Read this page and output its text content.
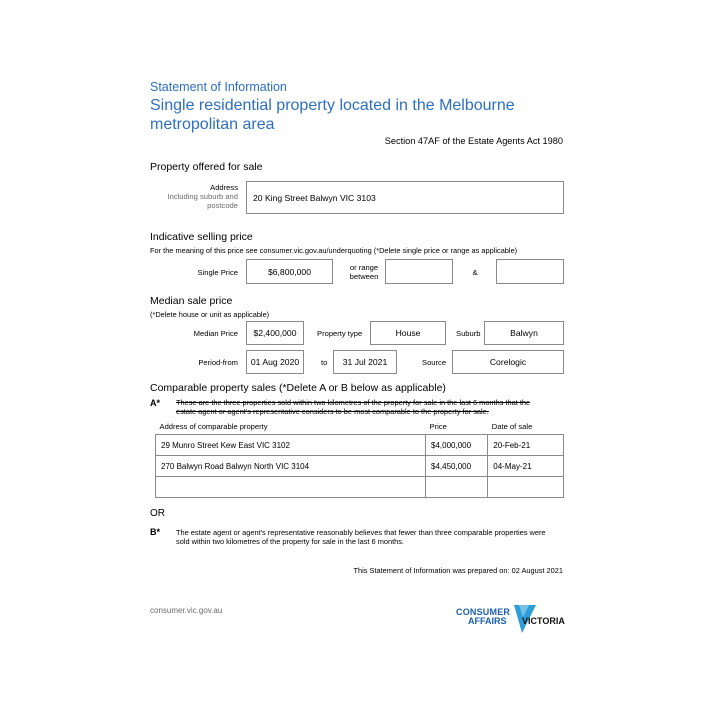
Statement of Information
Single residential property located in the Melbourne
metropolitan area
Section 47AF of the Estate Agents Act 1980
Property offered for sale
Address
Including suburb and
postcode
20 King Street Balwyn VIC 3103
Indicative selling price
For the meaning of this price see consumer.vic.gov.au/underquoting (*Delete single price or range as applicable)
Single Price	$6,800,000	or range
between	&
Median sale price
(*Delete house or unit as applicable)
Median Price $2,400,000	Property type	House	Suburb	Balwyn
Period-from 01 Aug 2020	to 31 Jul 2021	Source	Corelogic
Comparable property sales (*Delete A or B below as applicable)
A* These are the three properties sold within two kilometres of the property for sale in the last 6 months that the
estate agent or agent's representative considers to be most comparable to the property for sale.
Address of comparable property	Price	Date of sale
29 Munro Street Kew East VIC 3102	$4,000,000	20-Feb-21
270 Balwyn Road Balwyn North VIC 3104	$4,450,000	04-May-21

OR
B* The estate agent or agent's representative reasonably believes that fewer than three comparable properties were
sold within two kilometres of the property for sale in the last 6 months.
This Statement of Information was prepared on: 02 August 2021
consumer.vic.gov.au	CONSUMER
AFFAIRS VICTORIA
